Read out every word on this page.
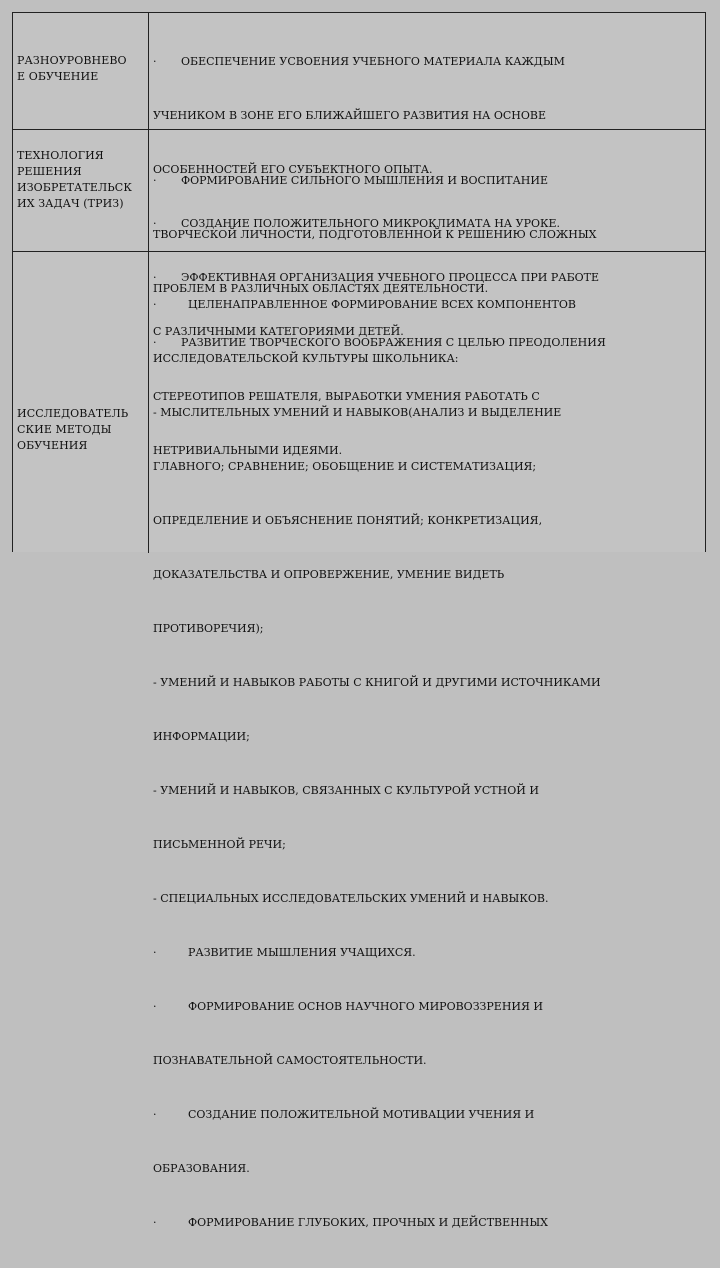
РАЗНОУРОВНЕВО
Е ОБУЧЕНИЕ

·       ОБЕСПЕЧЕНИЕ УСВОЕНИЯ УЧЕБНОГО МАТЕРИАЛА КАЖДЫМ

УЧЕНИКОМ В ЗОНЕ ЕГО БЛИЖАЙШЕГО РАЗВИТИЯ НА ОСНОВЕ

ОСОБЕННОСТЕЙ ЕГО СУБЪЕКТНОГО ОПЫТА.

·       СОЗДАНИЕ ПОЛОЖИТЕЛЬНОГО МИКРОКЛИМАТА НА УРОКЕ.

·       ЭФФЕКТИВНАЯ ОРГАНИЗАЦИЯ УЧЕБНОГО ПРОЦЕССА ПРИ РАБОТЕ

С РАЗЛИЧНЫМИ КАТЕГОРИЯМИ ДЕТЕЙ.

ТЕХНОЛОГИЯ
РЕШЕНИЯ
ИЗОБРЕТАТЕЛЬСК
ИХ ЗАДАЧ (ТРИЗ)

·       ФОРМИРОВАНИЕ СИЛЬНОГО МЫШЛЕНИЯ И ВОСПИТАНИЕ

ТВОРЧЕСКОЙ ЛИЧНОСТИ, ПОДГОТОВЛЕННОЙ К РЕШЕНИЮ СЛОЖНЫХ

ПРОБЛЕМ В РАЗЛИЧНЫХ ОБЛАСТЯХ ДЕЯТЕЛЬНОСТИ.

·       РАЗВИТИЕ ТВОРЧЕСКОГО ВООБРАЖЕНИЯ С ЦЕЛЬЮ ПРЕОДОЛЕНИЯ

СТЕРЕОТИПОВ РЕШАТЕЛЯ, ВЫРАБОТКИ УМЕНИЯ РАБОТАТЬ С

НЕТРИВИАЛЬНЫМИ ИДЕЯМИ.

ИССЛЕДОВАТЕЛЬ
СКИЕ МЕТОДЫ
ОБУЧЕНИЯ

·         ЦЕЛЕНАПРАВЛЕННОЕ ФОРМИРОВАНИЕ ВСЕХ КОМПОНЕНТОВ

ИССЛЕДОВАТЕЛЬСКОЙ КУЛЬТУРЫ ШКОЛЬНИКА:

- МЫСЛИТЕЛЬНЫХ УМЕНИЙ И НАВЫКОВ(АНАЛИЗ И ВЫДЕЛЕНИЕ

ГЛАВНОГО; СРАВНЕНИЕ; ОБОБЩЕНИЕ И СИСТЕМАТИЗАЦИЯ;

ОПРЕДЕЛЕНИЕ И ОБЪЯСНЕНИЕ ПОНЯТИЙ; КОНКРЕТИЗАЦИЯ,

ДОКАЗАТЕЛЬСТВА И ОПРОВЕРЖЕНИЕ, УМЕНИЕ ВИДЕТЬ

ПРОТИВОРЕЧИЯ);

- УМЕНИЙ И НАВЫКОВ РАБОТЫ С КНИГОЙ И ДРУГИМИ ИСТОЧНИКАМИ

ИНФОРМАЦИИ;

- УМЕНИЙ И НАВЫКОВ, СВЯЗАННЫХ С КУЛЬТУРОЙ УСТНОЙ И

ПИСЬМЕННОЙ РЕЧИ;

- СПЕЦИАЛЬНЫХ ИССЛЕДОВАТЕЛЬСКИХ УМЕНИЙ И НАВЫКОВ.

·         РАЗВИТИЕ МЫШЛЕНИЯ УЧАЩИХСЯ.

·         ФОРМИРОВАНИЕ ОСНОВ НАУЧНОГО МИРОВОЗЗРЕНИЯ И

ПОЗНАВАТЕЛЬНОЙ САМОСТОЯТЕЛЬНОСТИ.

·         СОЗДАНИЕ ПОЛОЖИТЕЛЬНОЙ МОТИВАЦИИ УЧЕНИЯ И

ОБРАЗОВАНИЯ.

·         ФОРМИРОВАНИЕ ГЛУБОКИХ, ПРОЧНЫХ И ДЕЙСТВЕННЫХ
